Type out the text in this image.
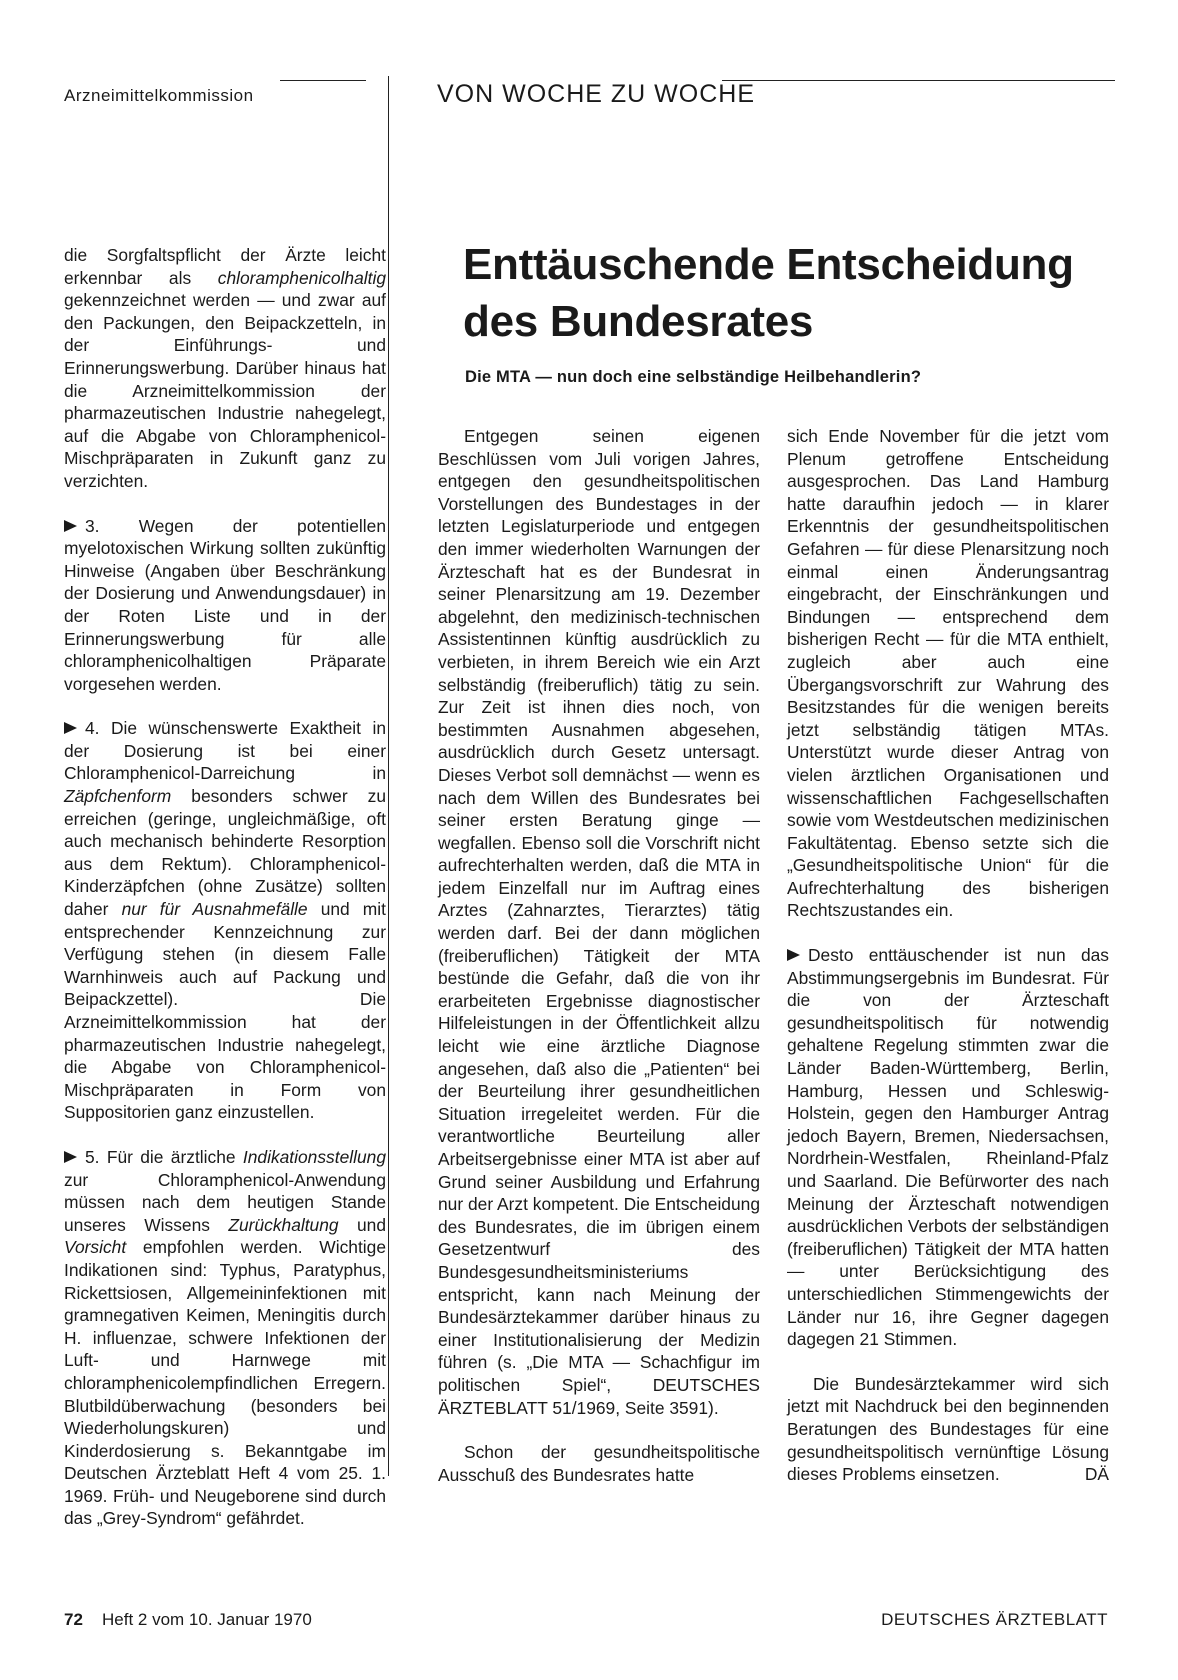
Arzneimittelkommission	VON WOCHE ZU WOCHE
Enttäuschende Entscheidung
des Bundesrates
Die MTA — nun doch eine selbständige Heilbehandlerin?

die Sorgfaltspflicht der Ärzte leicht erkennbar als chloramphenicolhaltig gekennzeichnet werden — und zwar auf den Packungen, den Beipackzetteln, in der Einführungs- und Erinnerungswerbung. Darüber hinaus hat die Arzneimittelkommission der pharmazeutischen Industrie nahegelegt, auf die Abgabe von Chloramphenicol-Mischpräparaten in Zukunft ganz zu verzichten.

3. Wegen der potentiellen myelotoxischen Wirkung sollten zukünftig Hinweise (Angaben über Beschränkung der Dosierung und Anwendungsdauer) in der Roten Liste und in der Erinnerungswerbung für alle chloramphenicolhaltigen Präparate vorgesehen werden.

4. Die wünschenswerte Exaktheit in der Dosierung ist bei einer Chloramphenicol-Darreichung in Zäpfchenform besonders schwer zu erreichen (geringe, ungleichmäßige, oft auch mechanisch behinderte Resorption aus dem Rektum). Chloramphenicol-Kinderzäpfchen (ohne Zusätze) sollten daher nur für Ausnahmefälle und mit entsprechender Kennzeichnung zur Verfügung stehen (in diesem Falle Warnhinweis auch auf Packung und Beipackzettel). Die Arzneimittelkommission hat der pharmazeutischen Industrie nahegelegt, die Abgabe von Chloramphenicol-Mischpräparaten in Form von Suppositorien ganz einzustellen.

5. Für die ärztliche Indikationsstellung zur Chloramphenicol-Anwendung müssen nach dem heutigen Stande unseres Wissens Zurückhaltung und Vorsicht empfohlen werden. Wichtige Indikationen sind: Typhus, Paratyphus, Rickettsiosen, Allgemeininfektionen mit gramnegativen Keimen, Meningitis durch H. influenzae, schwere Infektionen der Luft- und Harnwege mit chloramphenicolempfindlichen Erregern. Blutbildüberwachung (besonders bei Wiederholungskuren) und Kinderdosierung s. Bekanntgabe im Deutschen Ärzteblatt Heft 4 vom 25. 1. 1969. Früh- und Neugeborene sind durch das „Grey-Syndrom“ gefährdet.

Entgegen seinen eigenen Beschlüssen vom Juli vorigen Jahres, entgegen den gesundheitspolitischen Vorstellungen des Bundestages in der letzten Legislaturperiode und entgegen den immer wiederholten Warnungen der Ärzteschaft hat es der Bundesrat in seiner Plenarsitzung am 19. Dezember abgelehnt, den medizinisch-technischen Assistentinnen künftig ausdrücklich zu verbieten, in ihrem Bereich wie ein Arzt selbständig (freiberuflich) tätig zu sein. Zur Zeit ist ihnen dies noch, von bestimmten Ausnahmen abgesehen, ausdrücklich durch Gesetz untersagt. Dieses Verbot soll demnächst — wenn es nach dem Willen des Bundesrates bei seiner ersten Beratung ginge — wegfallen. Ebenso soll die Vorschrift nicht aufrechterhalten werden, daß die MTA in jedem Einzelfall nur im Auftrag eines Arztes (Zahnarztes, Tierarztes) tätig werden darf. Bei der dann möglichen (freiberuflichen) Tätigkeit der MTA bestünde die Gefahr, daß die von ihr erarbeiteten Ergebnisse diagnostischer Hilfeleistungen in der Öffentlichkeit allzu leicht wie eine ärztliche Diagnose angesehen, daß also die „Patienten“ bei der Beurteilung ihrer gesundheitlichen Situation irregeleitet werden. Für die verantwortliche Beurteilung aller Arbeitsergebnisse einer MTA ist aber auf Grund seiner Ausbildung und Erfahrung nur der Arzt kompetent. Die Entscheidung des Bundesrates, die im übrigen einem Gesetzentwurf des Bundesgesundheitsministeriums entspricht, kann nach Meinung der Bundesärztekammer darüber hinaus zu einer Institutionalisierung der Medizin führen (s. „Die MTA — Schachfigur im politischen Spiel“, DEUTSCHES ÄRZTEBLATT 51/1969, Seite 3591).

Schon der gesundheitspolitische Ausschuß des Bundesrates hatte

sich Ende November für die jetzt vom Plenum getroffene Entscheidung ausgesprochen. Das Land Hamburg hatte daraufhin jedoch — in klarer Erkenntnis der gesundheitspolitischen Gefahren — für diese Plenarsitzung noch einmal einen Änderungsantrag eingebracht, der Einschränkungen und Bindungen — entsprechend dem bisherigen Recht — für die MTA enthielt, zugleich aber auch eine Übergangsvorschrift zur Wahrung des Besitzstandes für die wenigen bereits jetzt selbständig tätigen MTAs. Unterstützt wurde dieser Antrag von vielen ärztlichen Organisationen und wissenschaftlichen Fachgesellschaften sowie vom Westdeutschen medizinischen Fakultätentag. Ebenso setzte sich die „Gesundheitspolitische Union“ für die Aufrechterhaltung des bisherigen Rechtszustandes ein.

Desto enttäuschender ist nun das Abstimmungsergebnis im Bundesrat. Für die von der Ärzteschaft gesundheitspolitisch für notwendig gehaltene Regelung stimmten zwar die Länder Baden-Württemberg, Berlin, Hamburg, Hessen und Schleswig-Holstein, gegen den Hamburger Antrag jedoch Bayern, Bremen, Niedersachsen, Nordrhein-Westfalen, Rheinland-Pfalz und Saarland. Die Befürworter des nach Meinung der Ärzteschaft notwendigen ausdrücklichen Verbots der selbständigen (freiberuflichen) Tätigkeit der MTA hatten — unter Berücksichtigung des unterschiedlichen Stimmengewichts der Länder nur 16, ihre Gegner dagegen dagegen 21 Stimmen.

Die Bundesärztekammer wird sich jetzt mit Nachdruck bei den beginnenden Beratungen des Bundestages für eine gesundheitspolitisch vernünftige Lösung dieses Problems einsetzen.	DÄ

72 Heft 2 vom 10. Januar 1970	DEUTSCHES ÄRZTEBLATT
